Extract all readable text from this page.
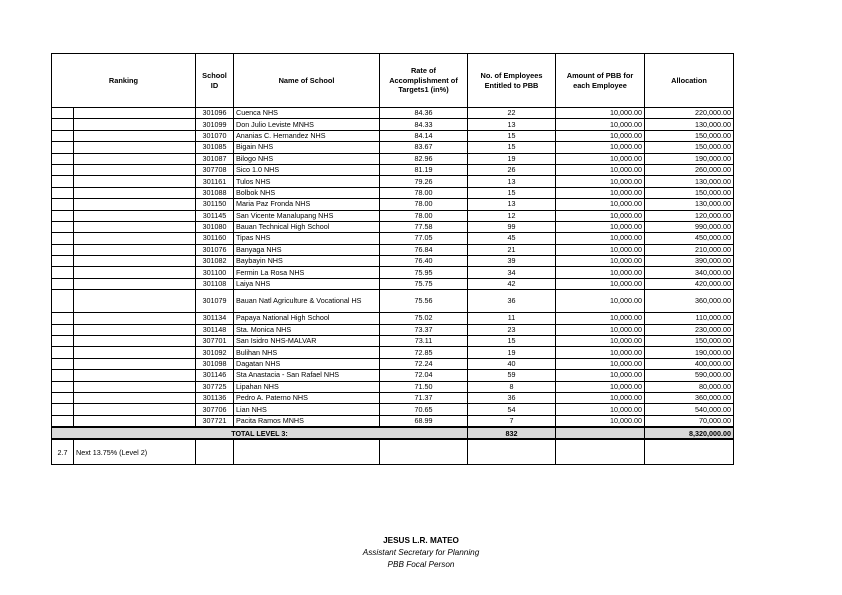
Ranking		School ID	Name of School	Rate of Accomplishment of Targets1 (in%)	No. of Employees Entitled to PBB	Amount of PBB for each Employee	Allocation
		301096	Cuenca NHS	84.36	22	10,000.00	220,000.00
		301099	Don Julio Leviste MNHS	84.33	13	10,000.00	130,000.00
		301070	Ananias C. Hernandez NHS	84.14	15	10,000.00	150,000.00
		301085	Bigain NHS	83.67	15	10,000.00	150,000.00
		301087	Bilogo NHS	82.96	19	10,000.00	190,000.00
		307708	Sico 1.0 NHS	81.19	26	10,000.00	260,000.00
		301161	Tulos NHS	79.26	13	10,000.00	130,000.00
		301088	Bolbok NHS	78.00	15	10,000.00	150,000.00
		301150	Maria Paz Fronda NHS	78.00	13	10,000.00	130,000.00
		301145	San Vicente Manalupang NHS	78.00	12	10,000.00	120,000.00
		301080	Bauan Technical High School	77.58	99	10,000.00	990,000.00
		301160	Tipas NHS	77.05	45	10,000.00	450,000.00
		301076	Banyaga NHS	76.84	21	10,000.00	210,000.00
		301082	Baybayin NHS	76.40	39	10,000.00	390,000.00
		301100	Fermin La Rosa NHS	75.95	34	10,000.00	340,000.00
		301108	Laiya NHS	75.75	42	10,000.00	420,000.00
		301079	Bauan Natl Agriculture & Vocational HS	75.56	36	10,000.00	360,000.00
		301134	Papaya National High School	75.02	11	10,000.00	110,000.00
		301148	Sta. Monica NHS	73.37	23	10,000.00	230,000.00
		307701	San Isidro NHS-MALVAR	73.11	15	10,000.00	150,000.00
		301092	Bulihan NHS	72.85	19	10,000.00	190,000.00
		301098	Dagatan NHS	72.24	40	10,000.00	400,000.00
		301146	Sta Anastacia - San Rafael NHS	72.04	59	10,000.00	590,000.00
		307725	Lipahan NHS	71.50	8	10,000.00	80,000.00
		301136	Pedro A. Paterno NHS	71.37	36	10,000.00	360,000.00
		307706	Lian NHS	70.65	54	10,000.00	540,000.00
		307721	Pacita Ramos MNHS	68.99	7	10,000.00	70,000.00
TOTAL LEVEL 3:					832		8,320,000.00
2.7	Next 13.75% (Level 2)						
JESUS L.R. MATEO
Assistant Secretary for Planning
PBB Focal Person
